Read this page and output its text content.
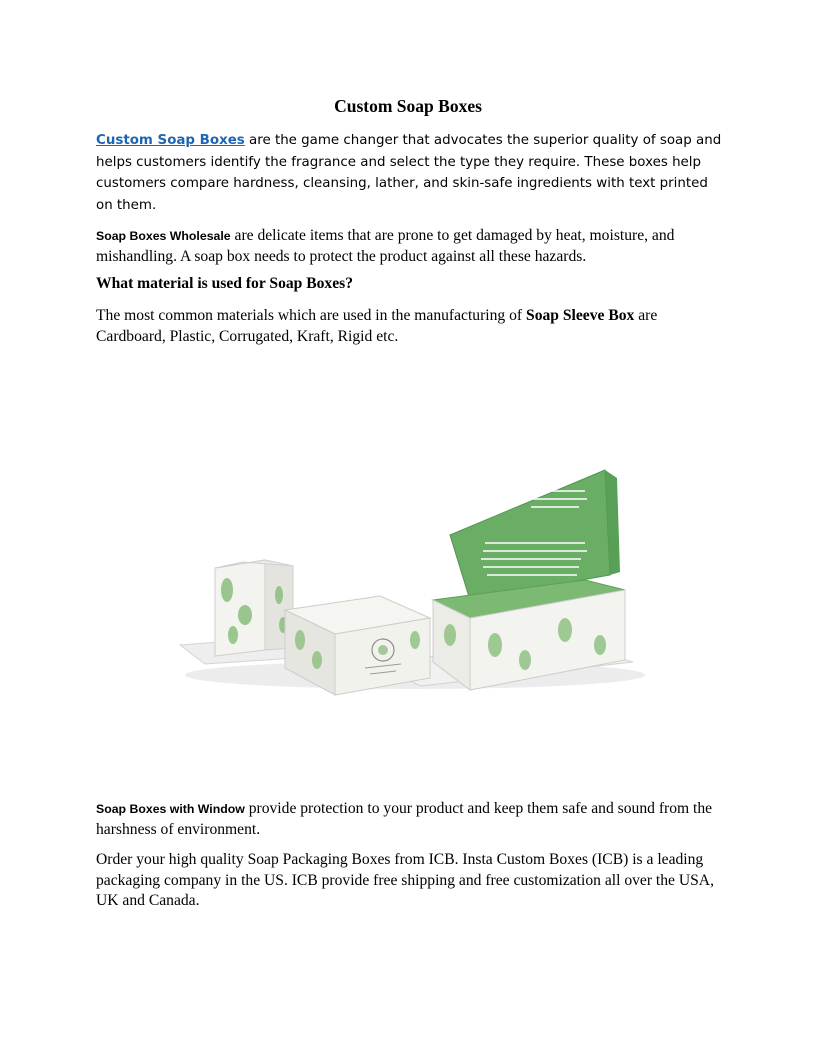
Custom Soap Boxes

Custom Soap Boxes are the game changer that advocates the superior quality of soap and helps customers identify the fragrance and select the type they require. These boxes help customers compare hardness, cleansing, lather, and skin-safe ingredients with text printed on them.

Soap Boxes Wholesale are delicate items that are prone to get damaged by heat, moisture, and mishandling. A soap box needs to protect the product against all these hazards.

What material is used for Soap Boxes?

The most common materials which are used in the manufacturing of Soap Sleeve Box are Cardboard, Plastic, Corrugated, Kraft, Rigid etc.

Soap Boxes with Window provide protection to your product and keep them safe and sound from the harshness of environment.

Order your high quality Soap Packaging Boxes from ICB. Insta Custom Boxes (ICB) is a leading packaging company in the US. ICB provide free shipping and free customization all over the USA, UK and Canada.
